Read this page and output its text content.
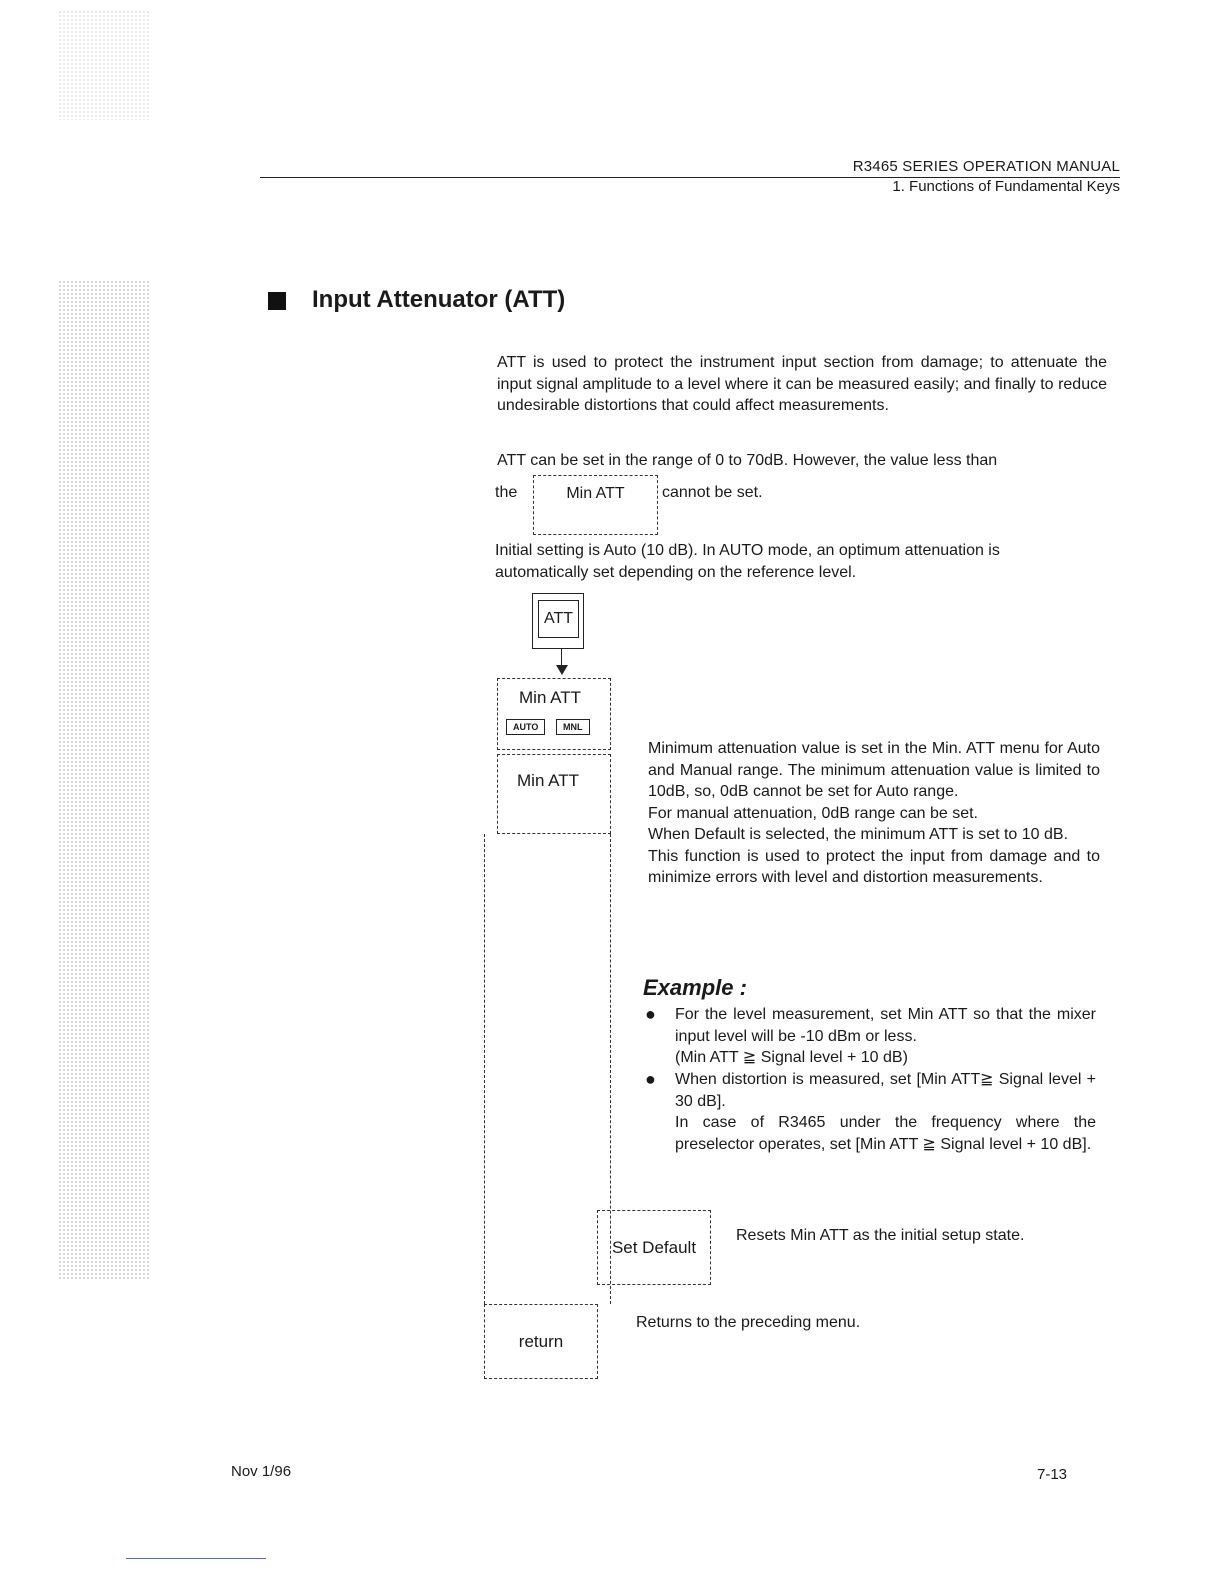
R3465 SERIES OPERATION MANUAL
1. Functions of Fundamental Keys
Input Attenuator (ATT)
ATT is used to protect the instrument input section from damage; to attenuate the input signal amplitude to a level where it can be measured easily; and finally to reduce undesirable distortions that could affect measurements.
ATT can be set in the range of 0 to 70dB. However, the value less than
the	Min ATT cannot be set.
Initial setting is Auto (10 dB). In AUTO mode, an optimum attenuation is automatically set depending on the reference level.
ATT
Min ATT
AUTO	MNL
Min ATT
Set Default
return
Minimum attenuation value is set in the Min. ATT menu for Auto and Manual range. The minimum attenuation value is limited to 10dB, so, 0dB cannot be set for Auto range.
For manual attenuation, 0dB range can be set.
When Default is selected, the minimum ATT is set to 10 dB.
This function is used to protect the input from damage and to minimize errors with level and distortion measurements.
Example :
● For the level measurement, set Min ATT so that the mixer input level will be -10 dBm or less.
(Min ATT ≧ Signal level + 10 dB)
● When distortion is measured, set [Min ATT≧ Signal level + 30 dB].
In case of R3465 under the frequency where the preselector operates, set [Min ATT ≧ Signal level + 10 dB].
Resets Min ATT as the initial setup state.
Returns to the preceding menu.
Nov 1/96	7-13
